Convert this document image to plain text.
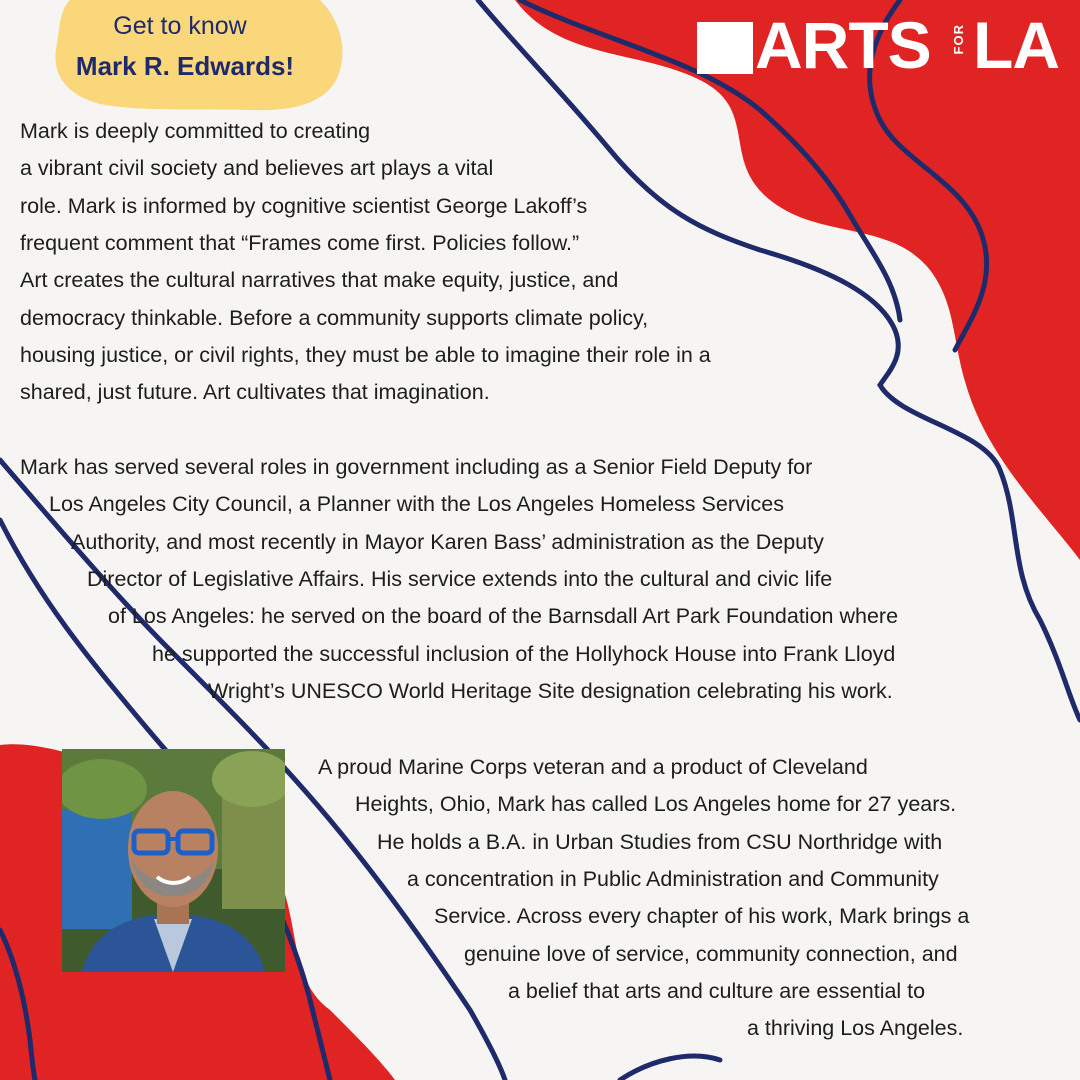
Get to know
Mark R. Edwards!	ARTS FOR LA
Mark is deeply committed to creating
a vibrant civil society and believes art plays a vital
role. Mark is informed by cognitive scientist George Lakoff’s
frequent comment that “Frames come first. Policies follow.”
Art creates the cultural narratives that make equity, justice, and
democracy thinkable. Before a community supports climate policy,
housing justice, or civil rights, they must be able to imagine their role in a
shared, just future. Art cultivates that imagination.
Mark has served several roles in government including as a Senior Field Deputy for
Los Angeles City Council, a Planner with the Los Angeles Homeless Services
Authority, and most recently in Mayor Karen Bass’ administration as the Deputy
Director of Legislative Affairs. His service extends into the cultural and civic life
of Los Angeles: he served on the board of the Barnsdall Art Park Foundation where
he supported the successful inclusion of the Hollyhock House into Frank Lloyd
Wright’s UNESCO World Heritage Site designation celebrating his work.
A proud Marine Corps veteran and a product of Cleveland
Heights, Ohio, Mark has called Los Angeles home for 27 years.
He holds a B.A. in Urban Studies from CSU Northridge with
a concentration in Public Administration and Community
Service. Across every chapter of his work, Mark brings a
genuine love of service, community connection, and
a belief that arts and culture are essential to
a thriving Los Angeles.
